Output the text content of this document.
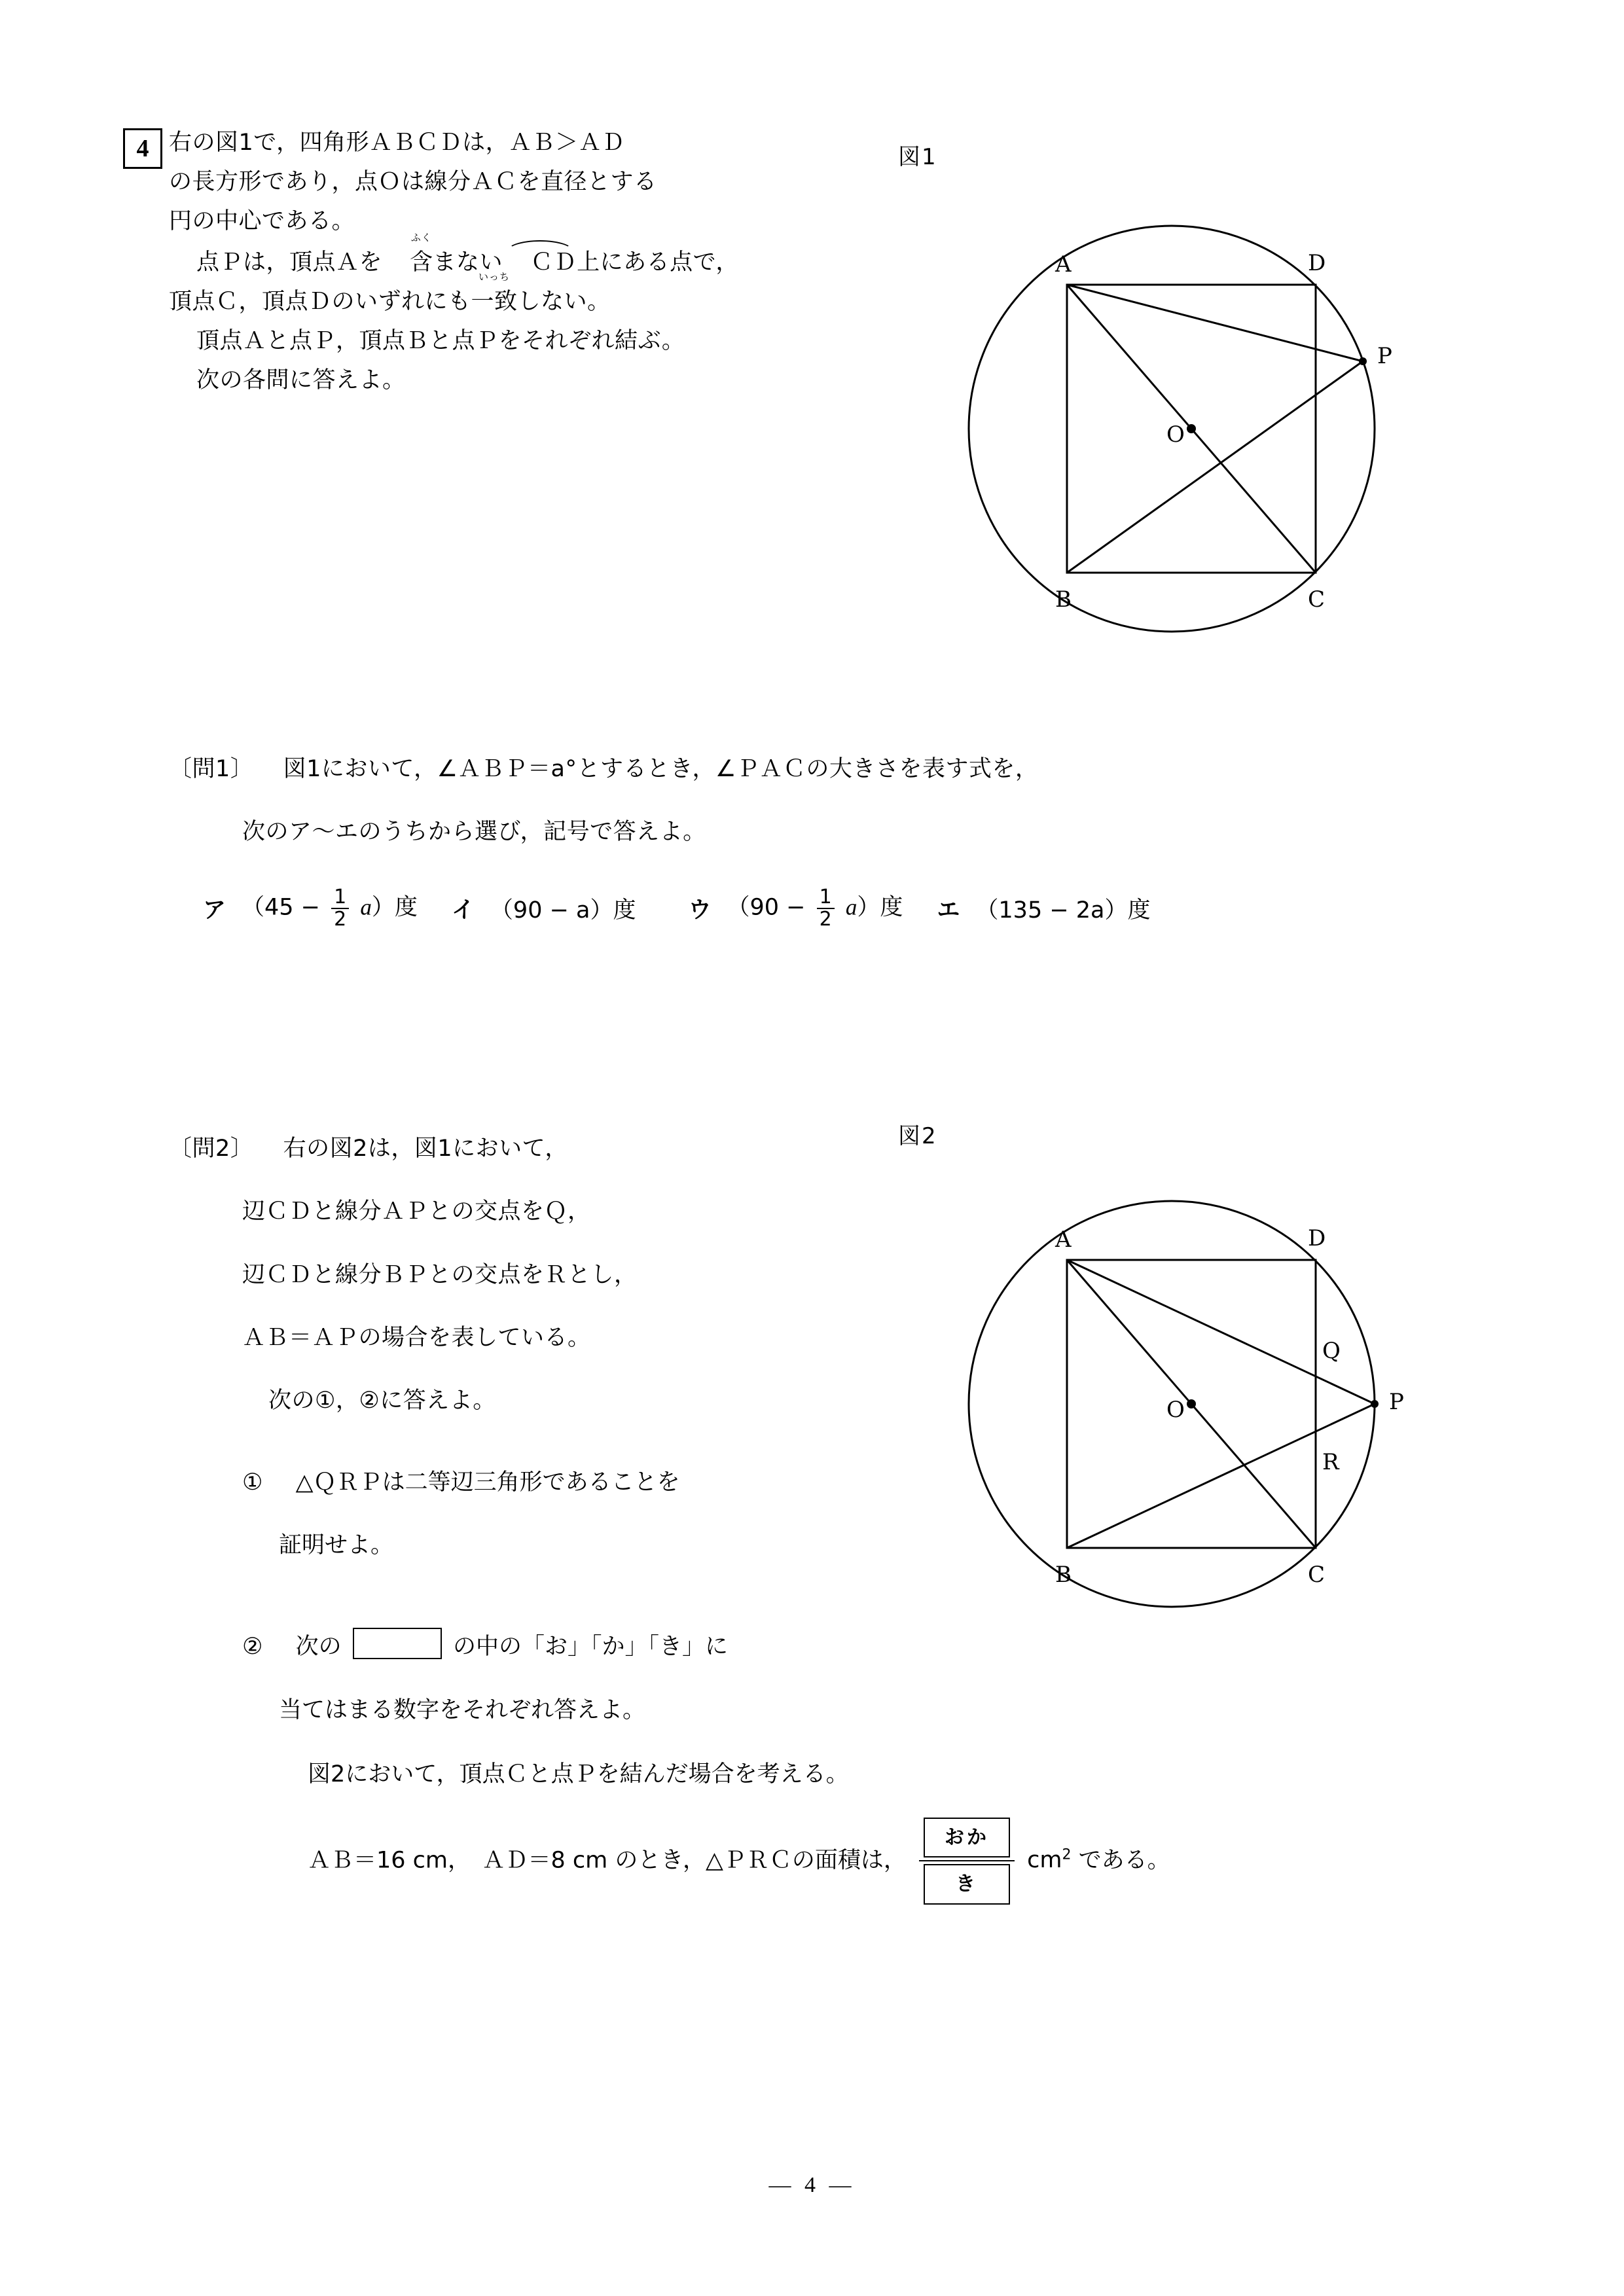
4 右の図1で，四角形ＡＢＣＤは，ＡＢ＞ＡＤ

の長方形であり，点Ｏは線分ＡＣを直径とする

円の中心である。

点Ｐは，頂点Ａを
ふく
含まない ＣＤ上にある点で，

頂点Ｃ，頂点Ｄのいずれにも
いっち
一致しない。

頂点Ａと点Ｐ，頂点Ｂと点Ｐをそれぞれ結ぶ。

次の各問に答えよ。

図1
A	D
P
O
B	C

〔問1〕 図1において，∠ＡＢＰ＝a°とするとき，∠ＰＡＣの大きさを表す式を，

次のア～エのうちから選び，記号で答えよ。

ア $(45 - \frac{1}{2} a)$度 イ （90 − a）度 ウ $(90 - \frac{1}{2} a)$度 エ （135 − 2a）度

〔問2〕 右の図2は，図1において，

辺ＣＤと線分ＡＰとの交点をＱ，

辺ＣＤと線分ＢＰとの交点をＲとし，

ＡＢ＝ＡＰの場合を表している。

次の①，②に答えよ。

図2
A	D
Q
O	P
R
B	C

① △ＱＲＰは二等辺三角形であることを

証明せよ。

② 次の	の中の「お」「か」「き」に

当てはまる数字をそれぞれ答えよ。

図2において，頂点Ｃと点Ｐを結んだ場合を考える。

ＡＢ＝16 cm，　ＡＤ＝8 cm のとき，△ＰＲＣの面積は，
おか
き
$cm^2$ である。

— 4 —
